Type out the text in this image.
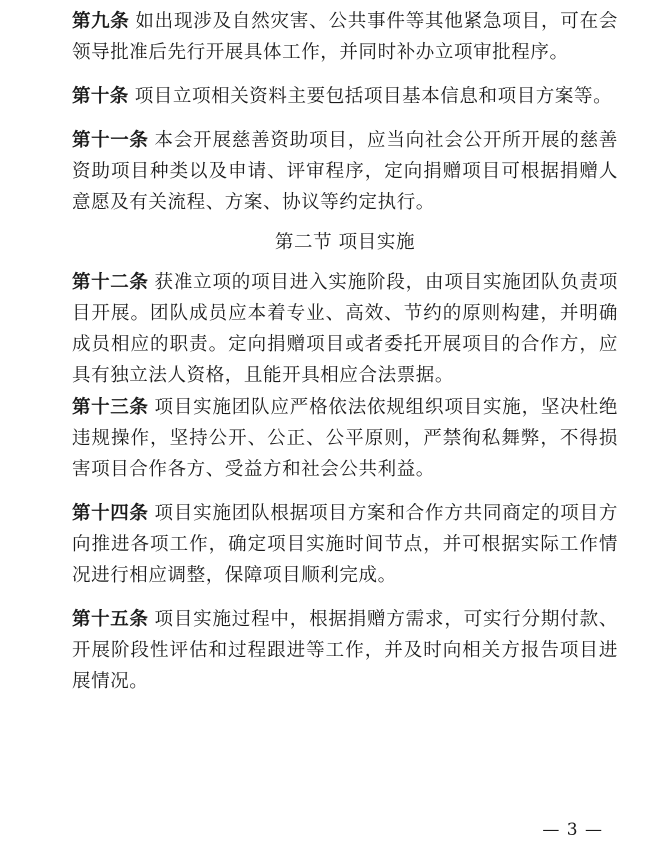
第九条 如出现涉及自然灾害、公共事件等其他紧急项目，可在会领导批准后先行开展具体工作，并同时补办立项审批程序。

第十条 项目立项相关资料主要包括项目基本信息和项目方案等。

第十一条 本会开展慈善资助项目，应当向社会公开所开展的慈善资助项目种类以及申请、评审程序，定向捐赠项目可根据捐赠人意愿及有关流程、方案、协议等约定执行。

第二节 项目实施

第十二条 获准立项的项目进入实施阶段，由项目实施团队负责项目开展。团队成员应本着专业、高效、节约的原则构建，并明确成员相应的职责。定向捐赠项目或者委托开展项目的合作方，应具有独立法人资格，且能开具相应合法票据。

第十三条 项目实施团队应严格依法依规组织项目实施，坚决杜绝违规操作，坚持公开、公正、公平原则，严禁徇私舞弊，不得损害项目合作各方、受益方和社会公共利益。

第十四条 项目实施团队根据项目方案和合作方共同商定的项目方向推进各项工作，确定项目实施时间节点，并可根据实际工作情况进行相应调整，保障项目顺利完成。

第十五条 项目实施过程中，根据捐赠方需求，可实行分期付款、开展阶段性评估和过程跟进等工作，并及时向相关方报告项目进展情况。

— 3 —
